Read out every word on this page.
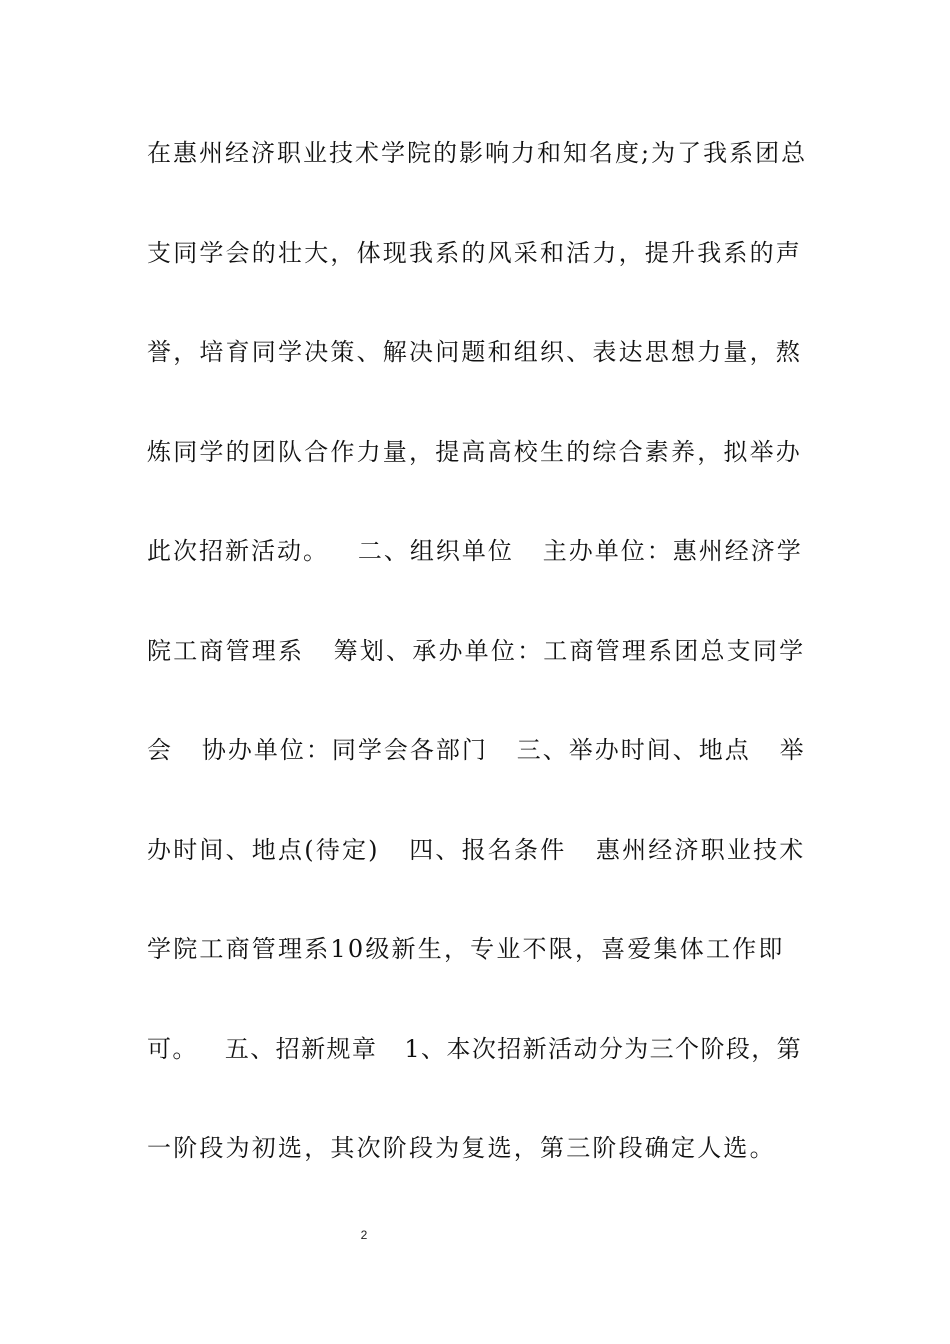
在惠州经济职业技术学院的影响力和知名度;为了我系团总
支同学会的壮大，体现我系的风采和活力，提升我系的声
誉，培育同学决策、解决问题和组织、表达思想力量，熬
炼同学的团队合作力量，提高高校生的综合素养，拟举办
此次招新活动。   二、组织单位   主办单位：惠州经济学
院工商管理系   筹划、承办单位：工商管理系团总支同学
会   协办单位：同学会各部门   三、举办时间、地点   举
办时间、地点(待定)   四、报名条件   惠州经济职业技术
学院工商管理系10级新生，专业不限，喜爱集体工作即
可。   五、招新规章   1、本次招新活动分为三个阶段，第
一阶段为初选，其次阶段为复选，第三阶段确定人选。
2
